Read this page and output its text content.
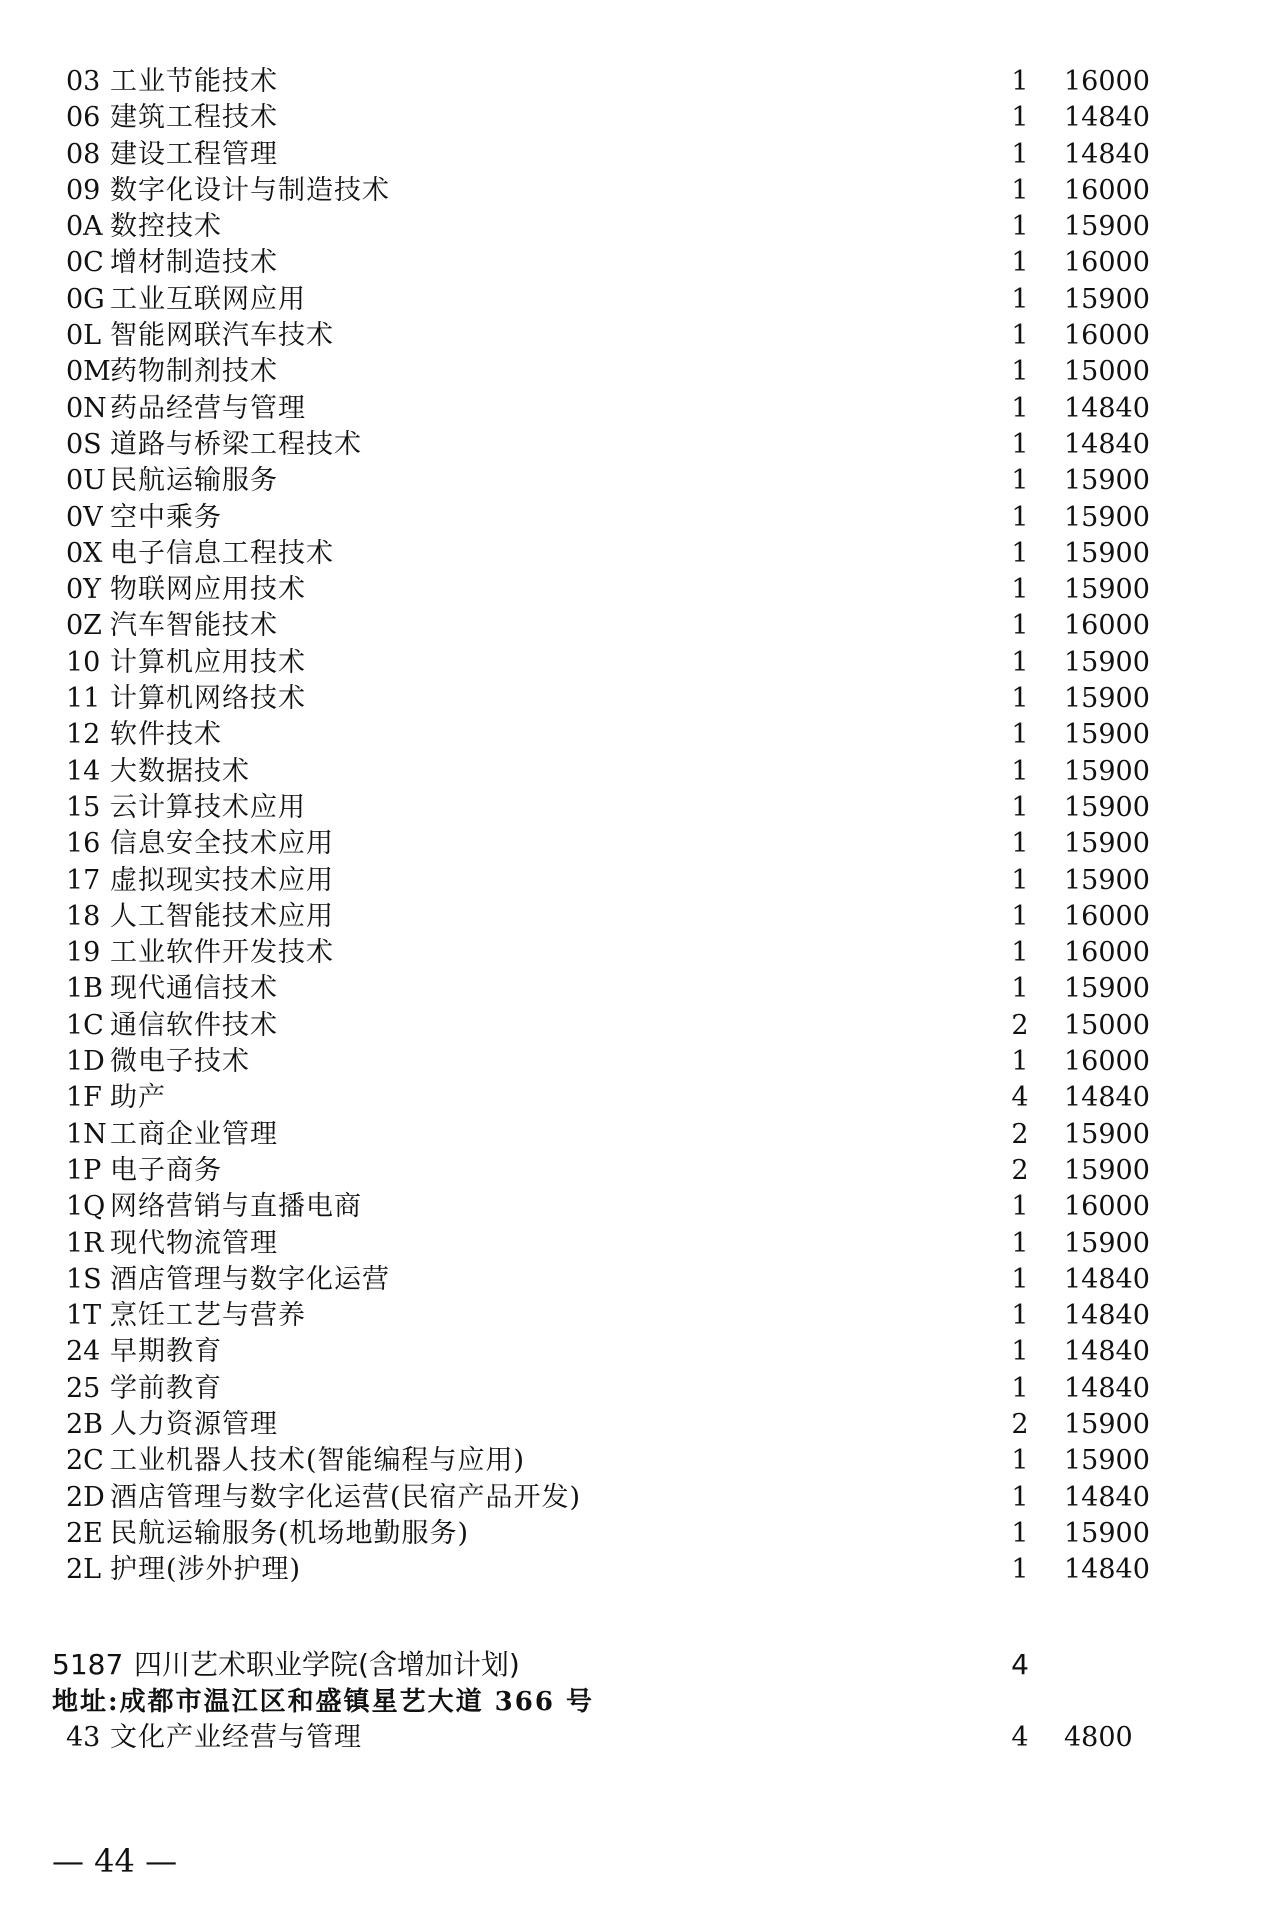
03 工业节能技术	1 16000
06 建筑工程技术	1 14840
08 建设工程管理	1 14840
09 数字化设计与制造技术	1 16000
0A 数控技术	1 15900
0C 增材制造技术	1 16000
0G 工业互联网应用	1 15900
0L 智能网联汽车技术	1 16000
0M 药物制剂技术	1 15000
0N 药品经营与管理	1 14840
0S 道路与桥梁工程技术	1 14840
0U 民航运输服务	1 15900
0V 空中乘务	1 15900
0X 电子信息工程技术	1 15900
0Y 物联网应用技术	1 15900
0Z 汽车智能技术	1 16000
10 计算机应用技术	1 15900
11 计算机网络技术	1 15900
12 软件技术	1 15900
14 大数据技术	1 15900
15 云计算技术应用	1 15900
16 信息安全技术应用	1 15900
17 虚拟现实技术应用	1 15900
18 人工智能技术应用	1 16000
19 工业软件开发技术	1 16000
1B 现代通信技术	1 15900
1C 通信软件技术	2 15000
1D 微电子技术	1 16000
1F 助产	4 14840
1N 工商企业管理	2 15900
1P 电子商务	2 15900
1Q 网络营销与直播电商	1 16000
1R 现代物流管理	1 15900
1S 酒店管理与数字化运营	1 14840
1T 烹饪工艺与营养	1 14840
24 早期教育	1 14840
25 学前教育	1 14840
2B 人力资源管理	2 15900
2C 工业机器人技术(智能编程与应用)	1 15900
2D 酒店管理与数字化运营(民宿产品开发)	1 14840
2E 民航运输服务(机场地勤服务)	1 15900
2L 护理(涉外护理)	1 14840
5187 四川艺术职业学院(含增加计划)	4
地址:成都市温江区和盛镇星艺大道 366 号
43 文化产业经营与管理	4 4800
— 44 —
